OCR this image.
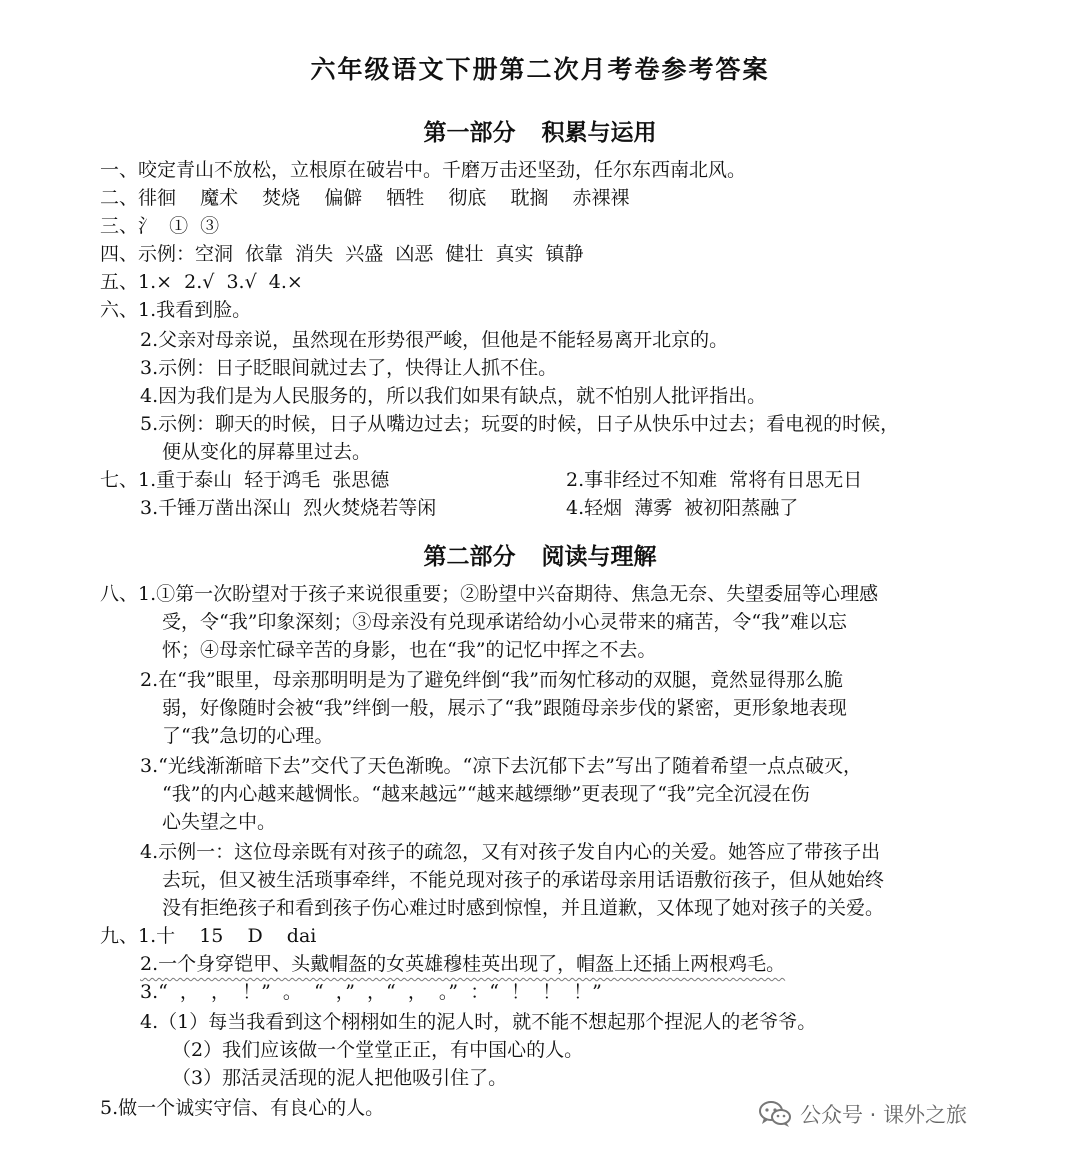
六年级语文下册第二次月考卷参考答案
第一部分 积累与运用
一、咬定青山不放松，立根原在破岩中。千磨万击还坚劲，任尔东西南北风。
二、徘徊  魔术  焚烧  偏僻  牺牲  彻底  耽搁  赤裸裸
三、氵  ①  ③
四、示例：空洞  依靠  消失  兴盛  凶恶  健壮  真实  镇静
五、1.×  2.√  3.√  4.×
六、1.我看到脸。
2.父亲对母亲说，虽然现在形势很严峻，但他是不能轻易离开北京的。
3.示例：日子眨眼间就过去了，快得让人抓不住。
4.因为我们是为人民服务的，所以我们如果有缺点，就不怕别人批评指出。
5.示例：聊天的时候，日子从嘴边过去；玩耍的时候，日子从快乐中过去；看电视的时候，
便从变化的屏幕里过去。
七、1.重于泰山  轻于鸿毛  张思德	2.事非经过不知难  常将有日思无日
3.千锤万凿出深山  烈火焚烧若等闲	4.轻烟  薄雾  被初阳蒸融了
第二部分 阅读与理解
八、1.①第一次盼望对于孩子来说很重要；②盼望中兴奋期待、焦急无奈、失望委屈等心理感
受，令“我”印象深刻；③母亲没有兑现承诺给幼小心灵带来的痛苦，令“我”难以忘
怀；④母亲忙碌辛苦的身影，也在“我”的记忆中挥之不去。
2.在“我”眼里，母亲那明明是为了避免绊倒“我”而匆忙移动的双腿，竟然显得那么脆
弱，好像随时会被“我”绊倒一般，展示了“我”跟随母亲步伐的紧密，更形象地表现
了“我”急切的心理。
3.“光线渐渐暗下去”交代了天色渐晚。“凉下去沉郁下去”写出了随着希望一点点破灭，
“我”的内心越来越惆怅。“越来越远”“越来越缥缈”更表现了“我”完全沉浸在伤
心失望之中。
4.示例一：这位母亲既有对孩子的疏忽，又有对孩子发自内心的关爱。她答应了带孩子出
去玩，但又被生活琐事牵绊，不能兑现对孩子的承诺母亲用话语敷衍孩子，但从她始终
没有拒绝孩子和看到孩子伤心难过时感到惊惶，并且道歉，又体现了她对孩子的关爱。
九、1.十  15  D  dai
2.一个身穿铠甲、头戴帽盔的女英雄穆桂英出现了，帽盔上还插上两根鸡毛。
3.“  ，  ，  ！”  。  “  ，”  ，“  ，  。”  ：“  ！  ！  ！”
4.（1）每当我看到这个栩栩如生的泥人时，就不能不想起那个捏泥人的老爷爷。
（2）我们应该做一个堂堂正正，有中国心的人。
（3）那活灵活现的泥人把他吸引住了。
5.做一个诚实守信、有良心的人。	公众号 · 课外之旅
